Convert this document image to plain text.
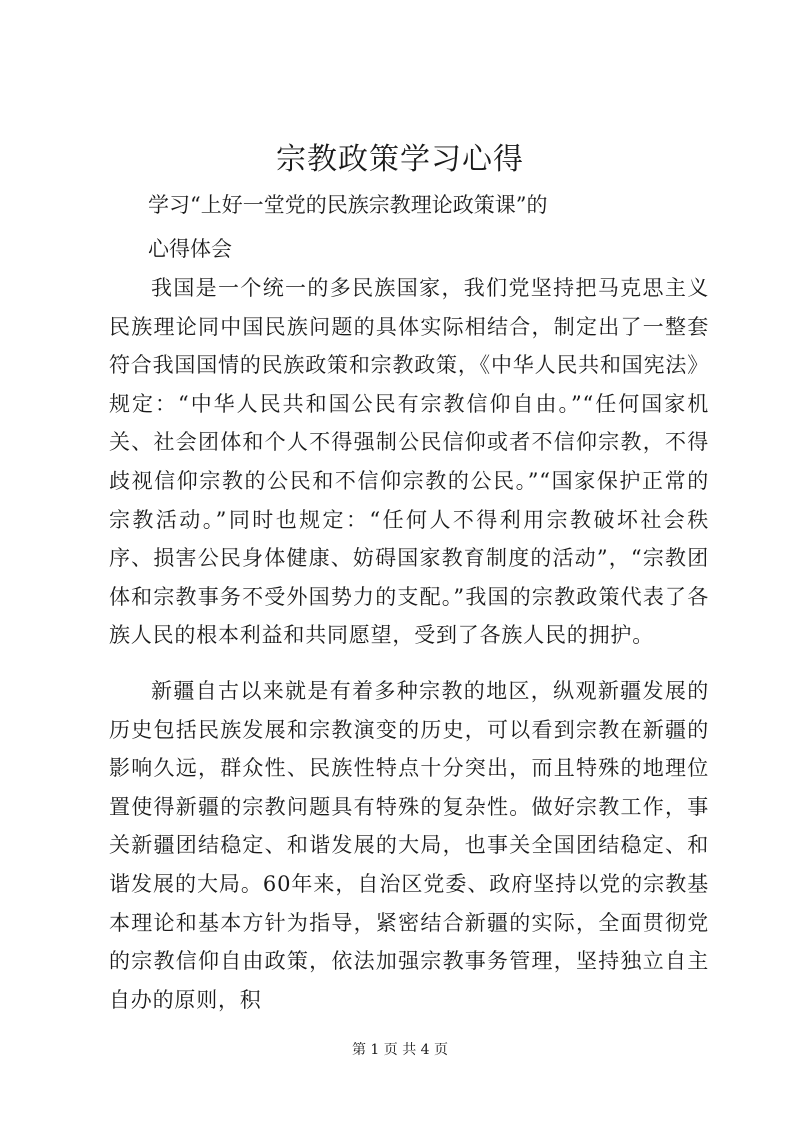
宗教政策学习心得
学习“上好一堂党的民族宗教理论政策课”的
心得体会

我国是一个统一的多民族国家，我们党坚持把马克思主义民族理论同中国民族问题的具体实际相结合，制定出了一整套符合我国国情的民族政策和宗教政策，《中华人民共和国宪法》规定：“中华人民共和国公民有宗教信仰自由。”“任何国家机关、社会团体和个人不得强制公民信仰或者不信仰宗教，不得歧视信仰宗教的公民和不信仰宗教的公民。”“国家保护正常的宗教活动。”同时也规定：“任何人不得利用宗教破坏社会秩序、损害公民身体健康、妨碍国家教育制度的活动”，“宗教团体和宗教事务不受外国势力的支配。”我国的宗教政策代表了各族人民的根本利益和共同愿望，受到了各族人民的拥护。

新疆自古以来就是有着多种宗教的地区，纵观新疆发展的历史包括民族发展和宗教演变的历史，可以看到宗教在新疆的影响久远，群众性、民族性特点十分突出，而且特殊的地理位置使得新疆的宗教问题具有特殊的复杂性。做好宗教工作，事关新疆团结稳定、和谐发展的大局，也事关全国团结稳定、和谐发展的大局。60年来，自治区党委、政府坚持以党的宗教基本理论和基本方针为指导，紧密结合新疆的实际，全面贯彻党的宗教信仰自由政策，依法加强宗教事务管理，坚持独立自主自办的原则，积

第 1 页 共 4 页
